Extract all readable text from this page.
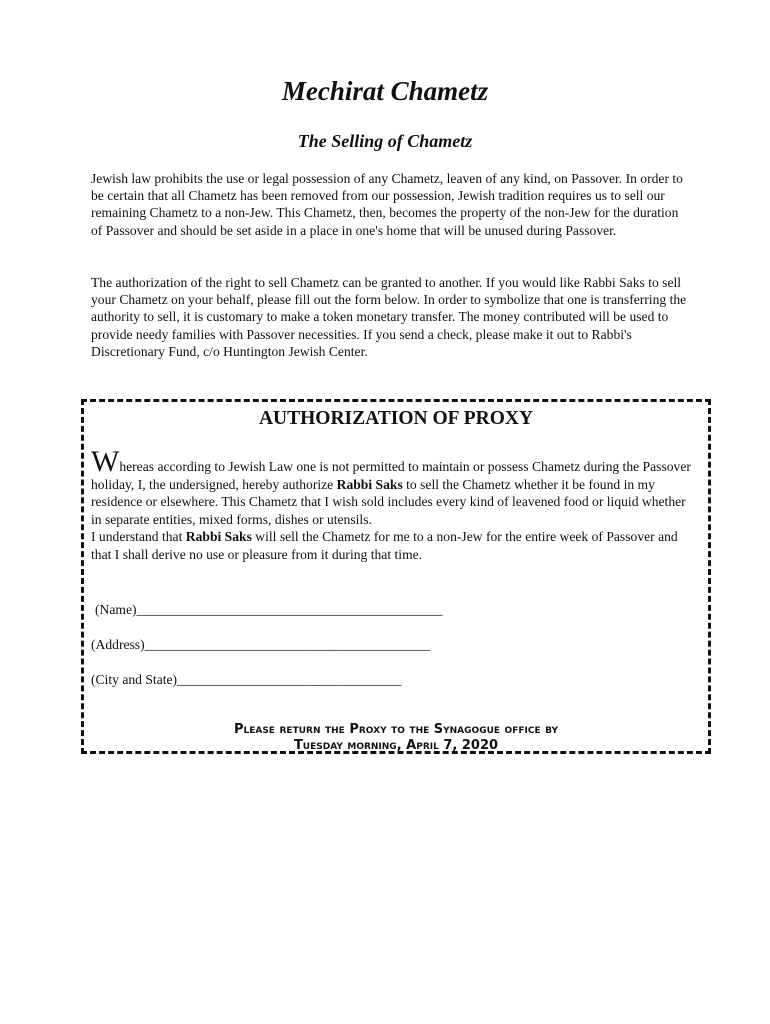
Mechirat Chametz
The Selling of Chametz

Jewish law prohibits the use or legal possession of any Chametz, leaven of any kind, on Passover. In order to be certain that all Chametz has been removed from our possession, Jewish tradition requires us to sell our remaining Chametz to a non-Jew. This Chametz, then, becomes the property of the non-Jew for the duration of Passover and should be set aside in a place in one's home that will be unused during Passover.

The authorization of the right to sell Chametz can be granted to another. If you would like Rabbi Saks to sell your Chametz on your behalf, please fill out the form below. In order to symbolize that one is transferring the authority to sell, it is customary to make a token monetary transfer. The money contributed will be used to provide needy families with Passover necessities. If you send a check, please make it out to Rabbi's Discretionary Fund, c/o Huntington Jewish Center.

AUTHORIZATION OF PROXY

Whereas according to Jewish Law one is not permitted to maintain or possess Chametz during the Passover holiday, I, the undersigned, hereby authorize Rabbi Saks to sell the Chametz whether it be found in my residence or elsewhere. This Chametz that I wish sold includes every kind of leavened food or liquid whether in separate entities, mixed forms, dishes or utensils.
I understand that Rabbi Saks will sell the Chametz for me to a non-Jew for the entire week of Passover and that I shall derive no use or pleasure from it during that time.

(Name)_____________________________________________

(Address)__________________________________________

(City and State)_________________________________

Please return the Proxy to the Synagogue office by
Tuesday morning, April 7, 2020
